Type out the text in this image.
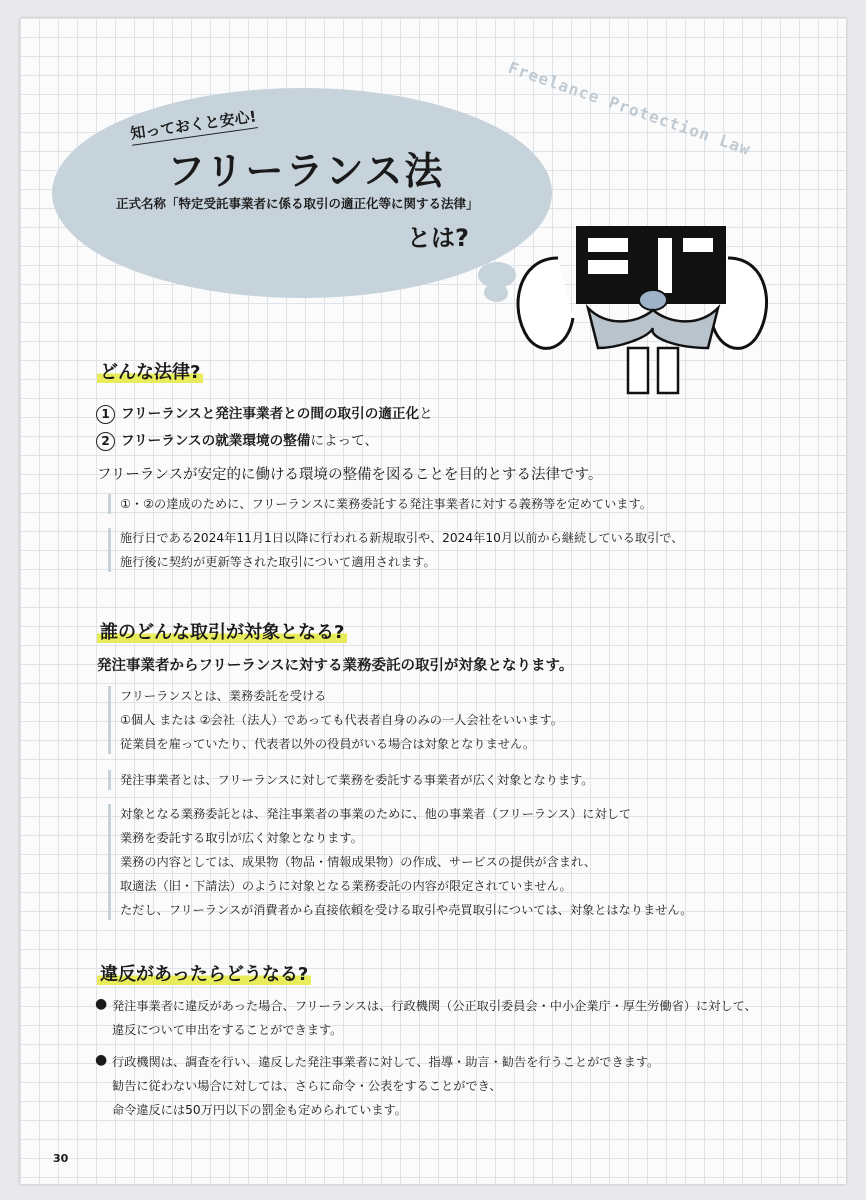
知っておくと安心!
フリーランス法
正式名称「特定受託事業者に係る取引の適正化等に関する法律」
とは?
Freelance Protection Law
どんな法律?
1 フリーランスと発注事業者との間の取引の適正化と
2 フリーランスの就業環境の整備によって、
フリーランスが安定的に働ける環境の整備を図ることを目的とする法律です。
①・②の達成のために、フリーランスに業務委託する発注事業者に対する義務等を定めています。
施行日である2024年11月1日以降に行われる新規取引や、2024年10月以前から継続している取引で、
施行後に契約が更新等された取引について適用されます。
誰のどんな取引が対象となる?
発注事業者からフリーランスに対する業務委託の取引が対象となります。
フリーランスとは、業務委託を受ける
①個人 または ②会社（法人）であっても代表者自身のみの一人会社をいいます。
従業員を雇っていたり、代表者以外の役員がいる場合は対象となりません。
発注事業者とは、フリーランスに対して業務を委託する事業者が広く対象となります。
対象となる業務委託とは、発注事業者の事業のために、他の事業者（フリーランス）に対して
業務を委託する取引が広く対象となります。
業務の内容としては、成果物（物品・情報成果物）の作成、サービスの提供が含まれ、
取適法（旧・下請法）のように対象となる業務委託の内容が限定されていません。
ただし、フリーランスが消費者から直接依頼を受ける取引や売買取引については、対象とはなりません。
違反があったらどうなる?
● 発注事業者に違反があった場合、フリーランスは、行政機関（公正取引委員会・中小企業庁・厚生労働省）に対して、
違反について申出をすることができます。
● 行政機関は、調査を行い、違反した発注事業者に対して、指導・助言・勧告を行うことができます。
勧告に従わない場合に対しては、さらに命令・公表をすることができ、
命令違反には50万円以下の罰金も定められています。
30
